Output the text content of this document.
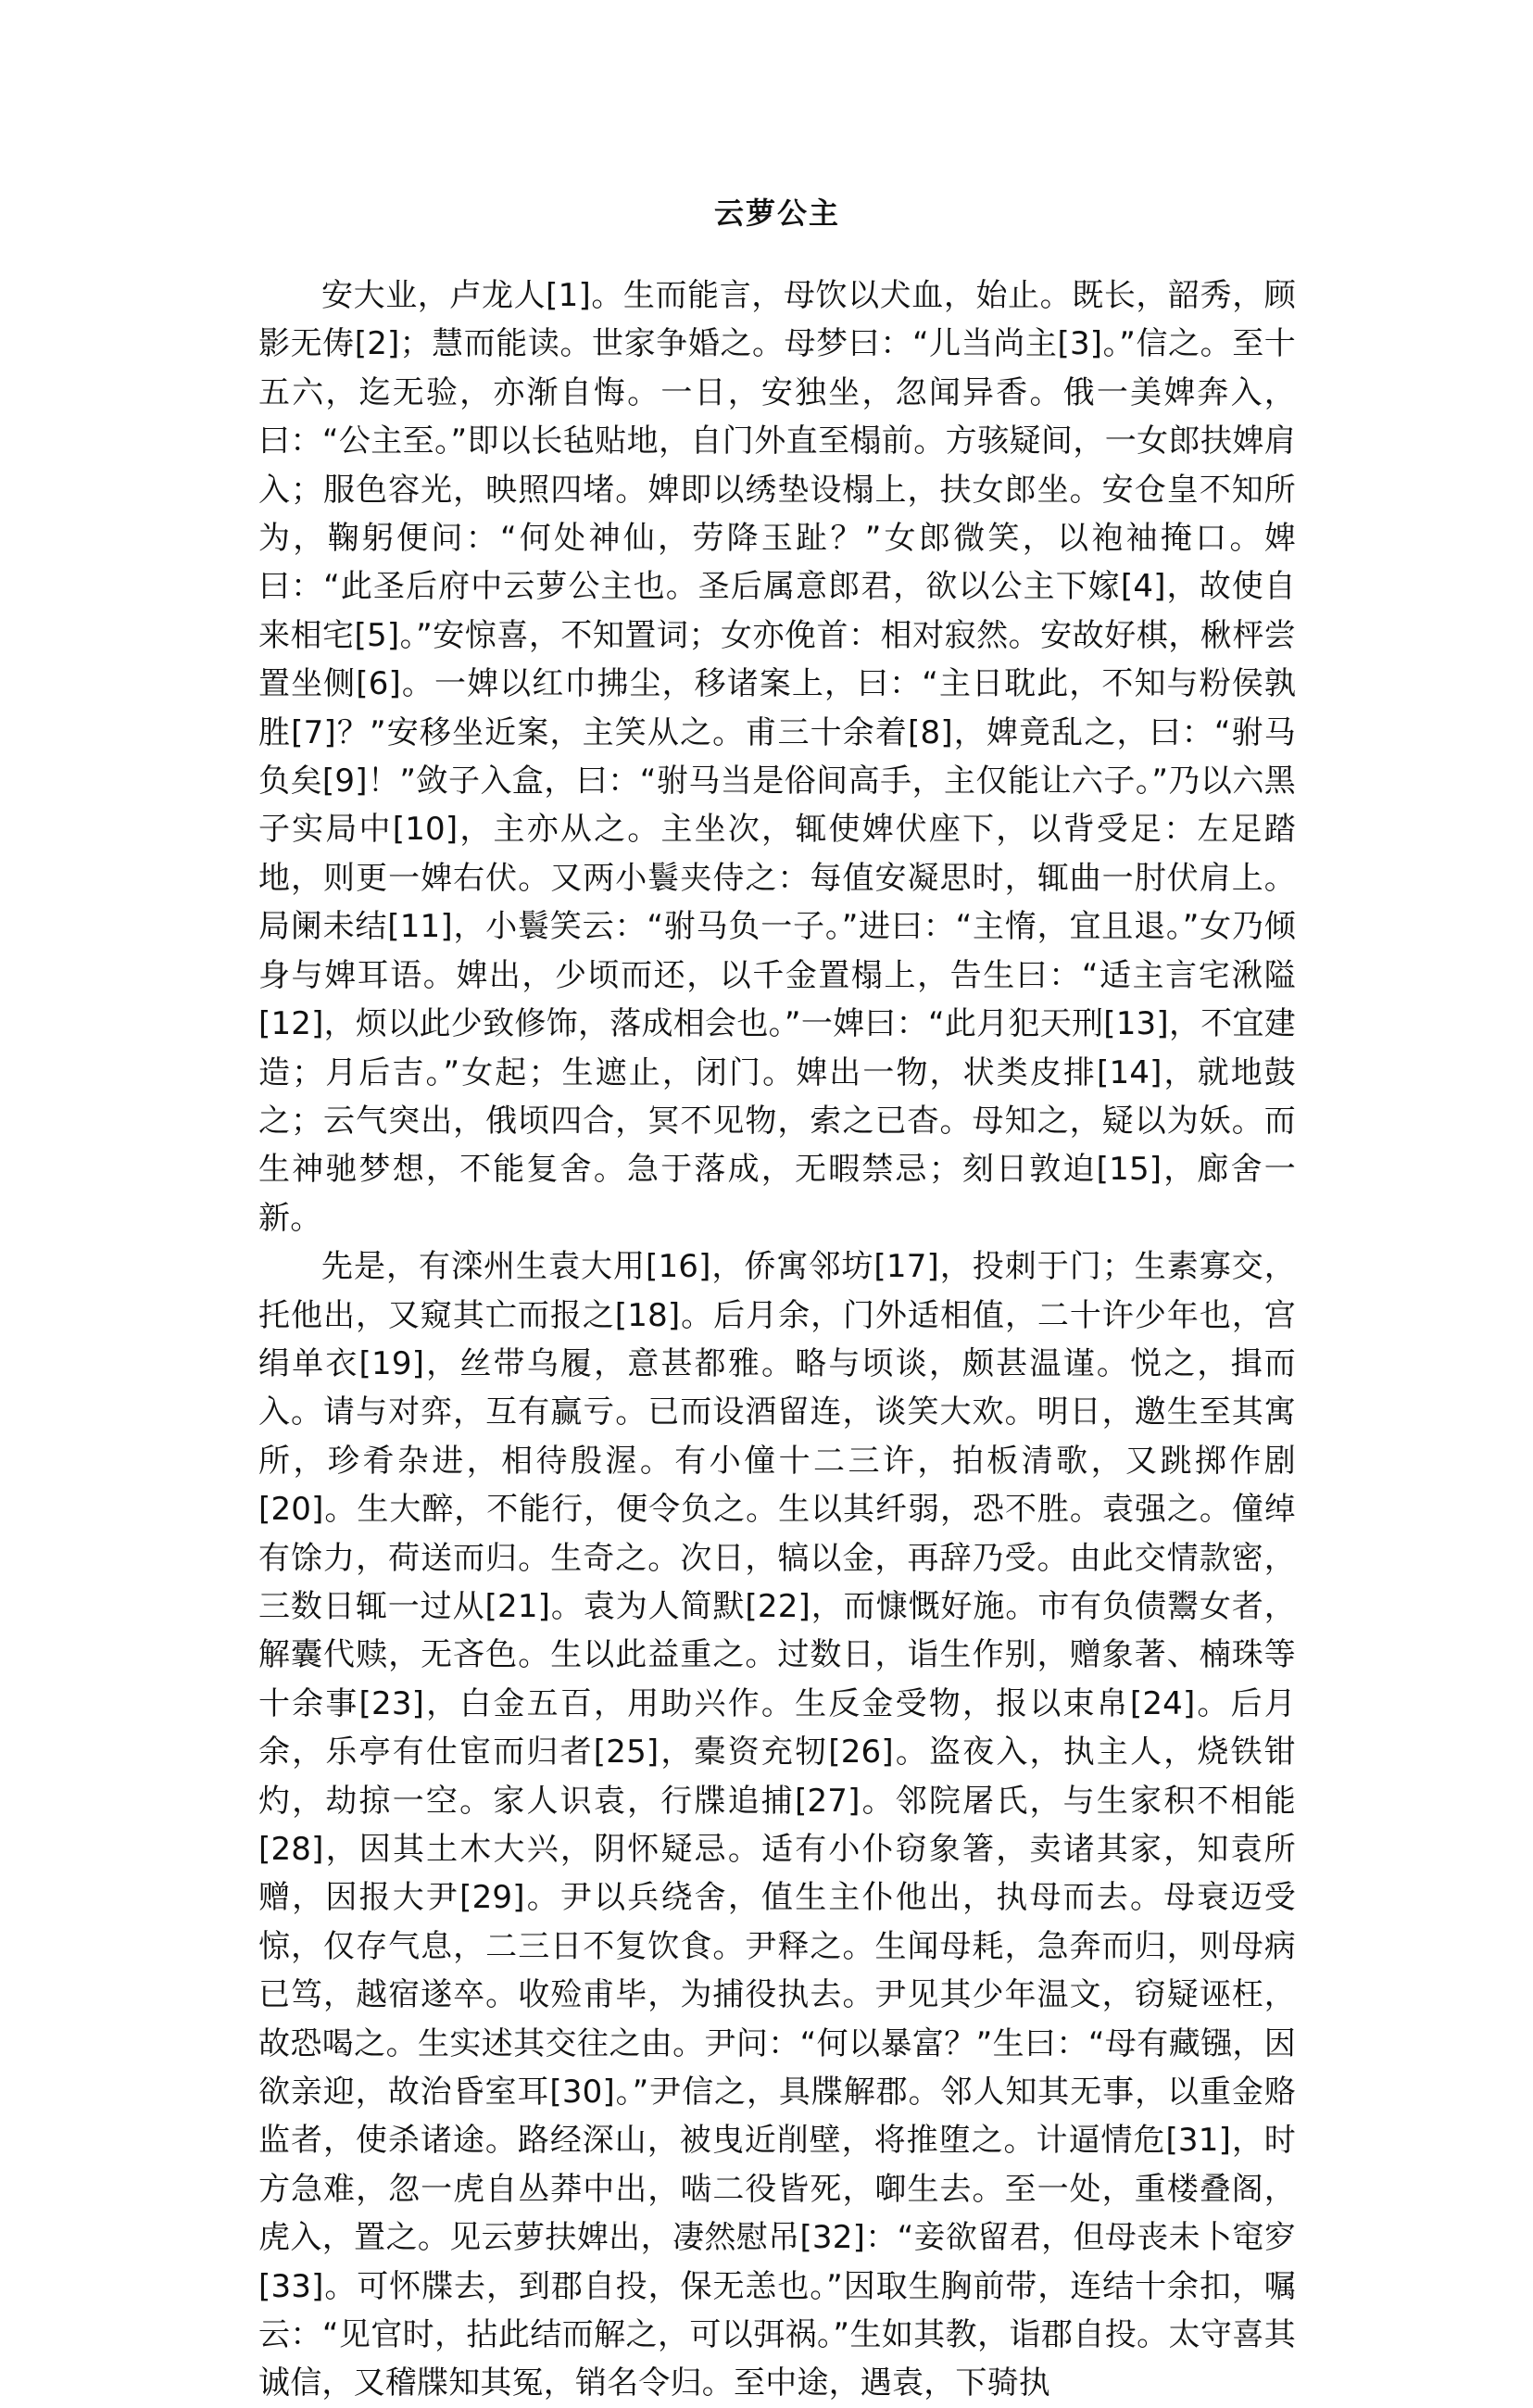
云萝公主

安大业，卢龙人[1]。生而能言，母饮以犬血，始止。既长，韶秀，顾影无俦[2]；慧而能读。世家争婚之。母梦曰：“儿当尚主[3]。”信之。至十五六，迄无验，亦渐自悔。一日，安独坐，忽闻异香。俄一美婢奔入，曰：“公主至。”即以长毡贴地，自门外直至榻前。方骇疑间，一女郎扶婢肩入；服色容光，映照四堵。婢即以绣垫设榻上，扶女郎坐。安仓皇不知所为，鞠躬便问：“何处神仙，劳降玉趾？”女郎微笑，以袍袖掩口。婢曰：“此圣后府中云萝公主也。圣后属意郎君，欲以公主下嫁[4]，故使自来相宅[5]。”安惊喜，不知置词；女亦俛首：相对寂然。安故好棋，楸枰尝置坐侧[6]。一婢以红巾拂尘，移诸案上，曰：“主日耽此，不知与粉侯孰胜[7]？”安移坐近案，主笑从之。甫三十余着[8]，婢竟乱之，曰：“驸马负矣[9]！”敛子入盒，曰：“驸马当是俗间高手，主仅能让六子。”乃以六黑子实局中[10]，主亦从之。主坐次，辄使婢伏座下，以背受足：左足踏地，则更一婢右伏。又两小鬟夹侍之：每值安凝思时，辄曲一肘伏肩上。局阑未结[11]，小鬟笑云：“驸马负一子。”进曰：“主惰，宜且退。”女乃倾身与婢耳语。婢出，少顷而还，以千金置榻上，告生曰：“适主言宅湫隘[12]，烦以此少致修饰，落成相会也。”一婢曰：“此月犯天刑[13]，不宜建造；月后吉。”女起；生遮止，闭门。婢出一物，状类皮排[14]，就地鼓之；云气突出，俄顷四合，冥不见物，索之已杳。母知之，疑以为妖。而生神驰梦想，不能复舍。急于落成，无暇禁忌；刻日敦迫[15]，廊舍一新。

先是，有滦州生袁大用[16]，侨寓邻坊[17]，投刺于门；生素寡交，托他出，又窥其亡而报之[18]。后月余，门外适相值，二十许少年也，宫绢单衣[19]，丝带乌履，意甚都雅。略与顷谈，颇甚温谨。悦之，揖而入。请与对弈，互有赢亏。已而设酒留连，谈笑大欢。明日，邀生至其寓所，珍肴杂进，相待殷渥。有小僮十二三许，拍板清歌，又跳掷作剧[20]。生大醉，不能行，便令负之。生以其纤弱，恐不胜。袁强之。僮绰有馀力，荷送而归。生奇之。次日，犒以金，再辞乃受。由此交情款密，三数日辄一过从[21]。袁为人简默[22]，而慷慨好施。市有负债鬻女者，解囊代赎，无吝色。生以此益重之。过数日，诣生作别，赠象著、楠珠等十余事[23]，白金五百，用助兴作。生反金受物，报以束帛[24]。后月余，乐亭有仕宦而归者[25]，橐资充牣[26]。盗夜入，执主人，烧铁钳灼，劫掠一空。家人识袁，行牒追捕[27]。邻院屠氏，与生家积不相能[28]，因其土木大兴，阴怀疑忌。适有小仆窃象箸，卖诸其家，知袁所赠，因报大尹[29]。尹以兵绕舍，值生主仆他出，执母而去。母衰迈受惊，仅存气息，二三日不复饮食。尹释之。生闻母耗，急奔而归，则母病已笃，越宿遂卒。收殓甫毕，为捕役执去。尹见其少年温文，窃疑诬枉，故恐喝之。生实述其交往之由。尹问：“何以暴富？”生曰：“母有藏镪，因欲亲迎，故治昏室耳[30]。”尹信之，具牒解郡。邻人知其无事，以重金赂监者，使杀诸途。路经深山，被曳近削壁，将推堕之。计逼情危[31]，时方急难，忽一虎自丛莽中出，啮二役皆死，啣生去。至一处，重楼叠阁，虎入，置之。见云萝扶婢出，凄然慰吊[32]：“妾欲留君，但母丧未卜窀穸[33]。可怀牒去，到郡自投，保无恙也。”因取生胸前带，连结十余扣，嘱云：“见官时，拈此结而解之，可以弭祸。”生如其教，诣郡自投。太守喜其诚信，又稽牒知其冤，销名令归。至中途，遇袁，下骑执
